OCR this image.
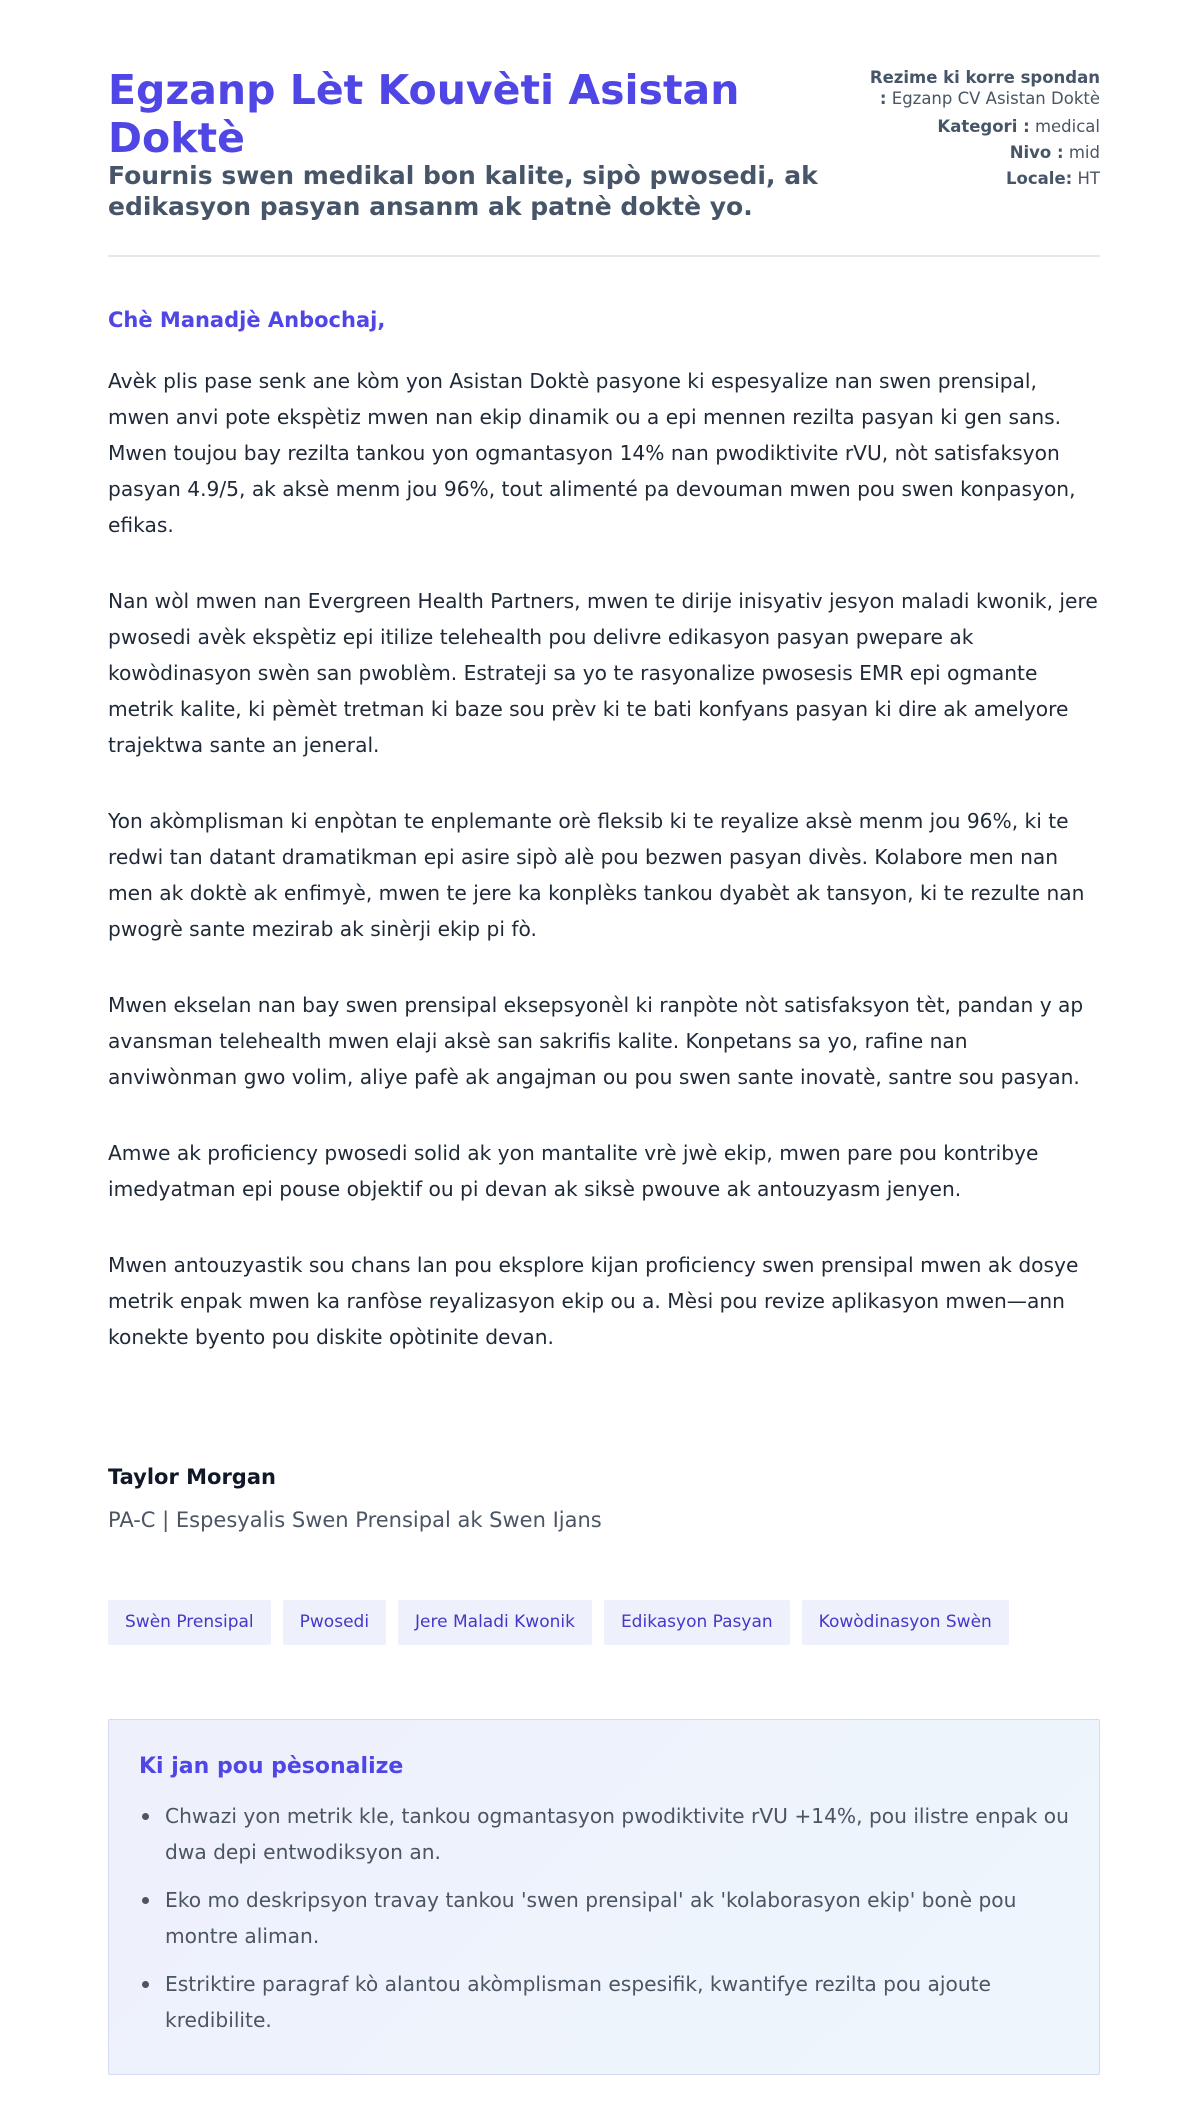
Egzanp Lèt Kouvèti Asistan Doktè
Fournis swen medikal bon kalite, sipò pwosedi, ak edikasyon pasyan ansanm ak patnè doktè yo.
Rezime ki korre spondan
: Egzanp CV Asistan Doktè
Kategori : medical
Nivo : mid
Locale: HT
Chè Manadjè Anbochaj,

Avèk plis pase senk ane kòm yon Asistan Doktè pasyone ki espesyalize nan swen prensipal, mwen anvi pote ekspètiz mwen nan ekip dinamik ou a epi mennen rezilta pasyan ki gen sans. Mwen toujou bay rezilta tankou yon ogmantasyon 14% nan pwodiktivite rVU, nòt satisfaksyon pasyan 4.9/5, ak aksè menm jou 96%, tout alimenté pa devouman mwen pou swen konpasyon, efikas.

Nan wòl mwen nan Evergreen Health Partners, mwen te dirije inisyativ jesyon maladi kwonik, jere pwosedi avèk ekspètiz epi itilize telehealth pou delivre edikasyon pasyan pwepare ak kowòdinasyon swèn san pwoblèm. Estrateji sa yo te rasyonalize pwosesis EMR epi ogmante metrik kalite, ki pèmèt tretman ki baze sou prèv ki te bati konfyans pasyan ki dire ak amelyore trajektwa sante an jeneral.

Yon akòmplisman ki enpòtan te enplemante orè fleksib ki te reyalize aksè menm jou 96%, ki te redwi tan datant dramatikman epi asire sipò alè pou bezwen pasyan divès. Kolabore men nan men ak doktè ak enfimyè, mwen te jere ka konplèks tankou dyabèt ak tansyon, ki te rezulte nan pwogrè sante mezirab ak sinèrji ekip pi fò.

Mwen ekselan nan bay swen prensipal eksepsyonèl ki ranpòte nòt satisfaksyon tèt, pandan y ap avansman telehealth mwen elaji aksè san sakrifis kalite. Konpetans sa yo, rafine nan anviwònman gwo volim, aliye pafè ak angajman ou pou swen sante inovatè, santre sou pasyan.

Amwe ak proficiency pwosedi solid ak yon mantalite vrè jwè ekip, mwen pare pou kontribye imedyatman epi pouse objektif ou pi devan ak siksè pwouve ak antouzyasm jenyen.

Mwen antouzyastik sou chans lan pou eksplore kijan proficiency swen prensipal mwen ak dosye metrik enpak mwen ka ranfòse reyalizasyon ekip ou a. Mèsi pou revize aplikasyon mwen—ann konekte byento pou diskite opòtinite devan.

Taylor Morgan
PA-C | Espesyalis Swen Prensipal ak Swen Ijans
Swèn Prensipal	Pwosedi	Jere Maladi Kwonik	Edikasyon Pasyan	Kowòdinasyon Swèn
Ki jan pou pèsonalize
Chwazi yon metrik kle, tankou ogmantasyon pwodiktivite rVU +14%, pou ilistre enpak ou dwa depi entwodiksyon an.
Eko mo deskripsyon travay tankou 'swen prensipal' ak 'kolaborasyon ekip' bonè pou montre aliman.
Estriktire paragraf kò alantou akòmplisman espesifik, kwantifye rezilta pou ajoute kredibilite.
